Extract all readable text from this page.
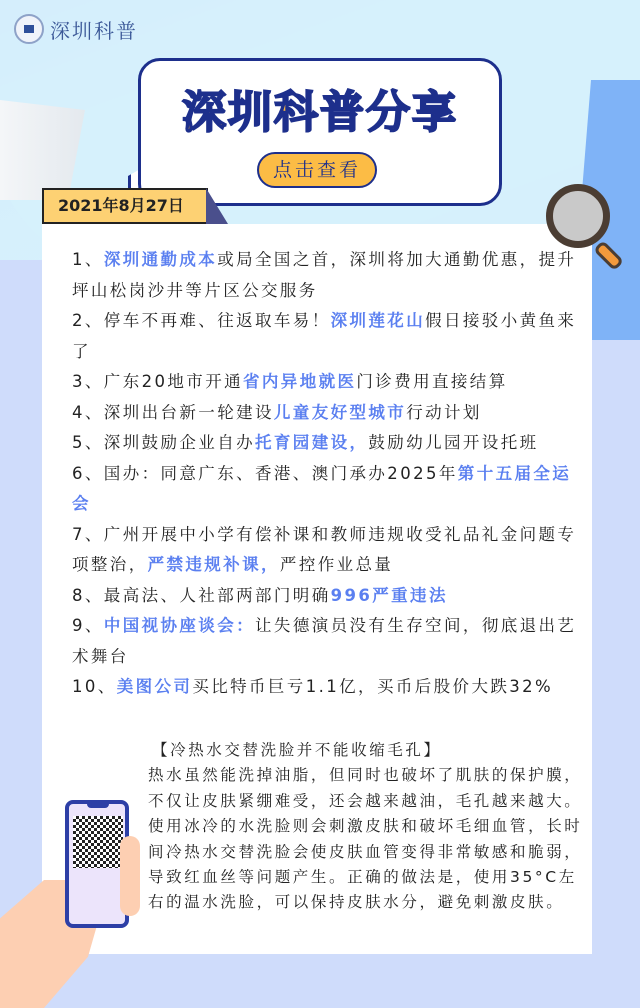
深圳科普
深圳科普分享
点击查看
2021年8月27日
1、深圳通勤成本或局全国之首，深圳将加大通勤优惠，提升坪山松岗沙井等片区公交服务
2、停车不再难、往返取车易！深圳莲花山假日接驳小黄鱼来了
3、广东20地市开通省内异地就医门诊费用直接结算
4、深圳出台新一轮建设儿童友好型城市行动计划
5、深圳鼓励企业自办托育园建设，鼓励幼儿园开设托班
6、国办：同意广东、香港、澳门承办2025年第十五届全运会
7、广州开展中小学有偿补课和教师违规收受礼品礼金问题专项整治，严禁违规补课，严控作业总量
8、最高法、人社部两部门明确996严重违法
9、中国视协座谈会：让失德演员没有生存空间，彻底退出艺术舞台
10、美图公司买比特币巨亏1.1亿，买币后股价大跌32%
【冷热水交替洗脸并不能收缩毛孔】
热水虽然能洗掉油脂，但同时也破坏了肌肤的保护膜，不仅让皮肤紧绷难受，还会越来越油，毛孔越来越大。使用冰冷的水洗脸则会刺激皮肤和破坏毛细血管，长时间冷热水交替洗脸会使皮肤血管变得非常敏感和脆弱，导致红血丝等问题产生。正确的做法是，使用35°C左右的温水洗脸，可以保持皮肤水分，避免刺激皮肤。
